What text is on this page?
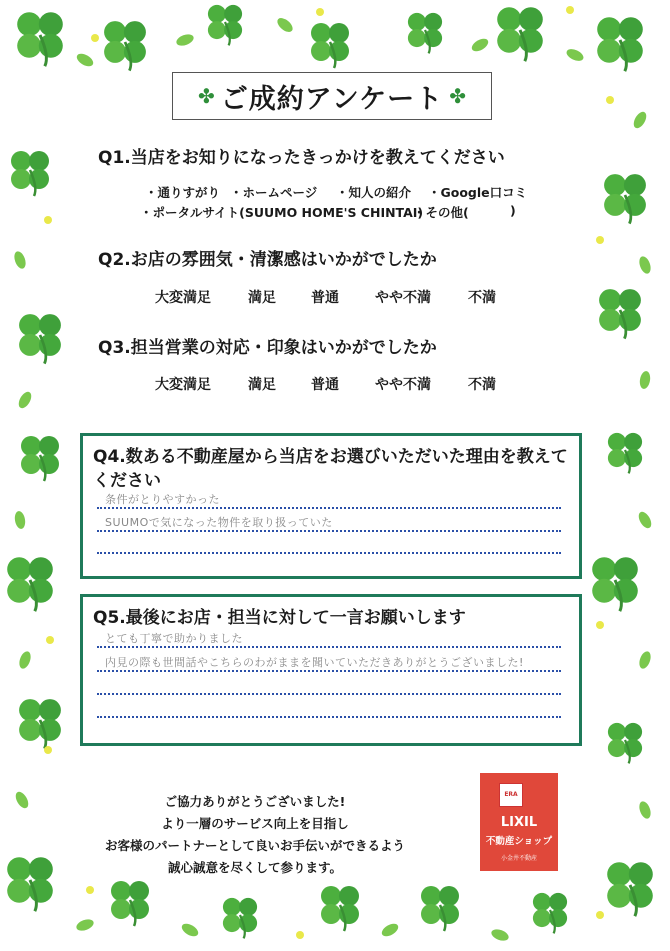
✤ ご成約アンケート ✤
Q1.当店をお知りになったきっかけを教えてください
・通りすがり ・ホームページ ・知人の紹介 ・Google口コミ
・ポータルサイト(SUUMO HOME'S CHINTAI)
・その他(	)
Q2.お店の雰囲気・清潔感はいかがでしたか
大変満足	満足	普通	やや不満	不満
Q3.担当営業の対応・印象はいかがでしたか
大変満足	満足	普通	やや不満	不満
Q4.数ある不動産屋から当店をお選びいただいた理由を教えて
ください
条件がとりやすかった
SUUMOで気になった物件を取り扱っていた
Q5.最後にお店・担当に対して一言お願いします
とても丁寧で助かりました
内見の際も世間話やこちらのわがままを聞いていただきありがとうございました!
ご協力ありがとうございました!
より一層のサービス向上を目指し
お客様のパートナーとして良いお手伝いができるよう
誠心誠意を尽くして参ります。
ERA
LIXIL
不動産ショップ
小金井不動産
